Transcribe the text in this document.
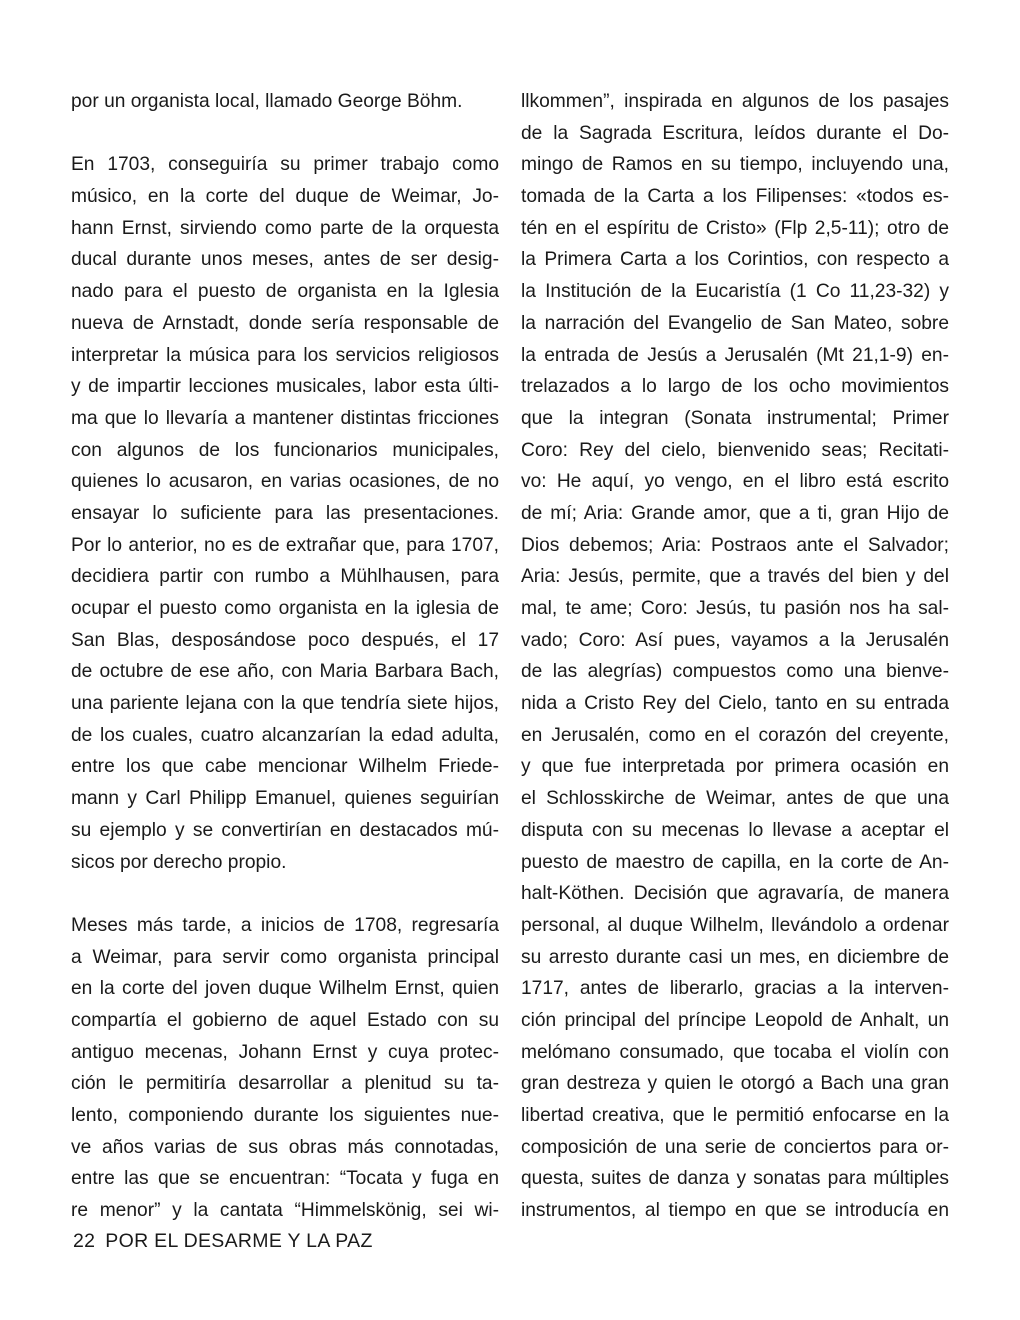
por un organista local, llamado George Böhm.
En 1703, conseguiría su primer trabajo como
músico, en la corte del duque de Weimar, Jo-
hann Ernst, sirviendo como parte de la orquesta
ducal durante unos meses, antes de ser desig-
nado para el puesto de organista en la Iglesia
nueva de Arnstadt, donde sería responsable de
interpretar la música para los servicios religiosos
y de impartir lecciones musicales, labor esta últi-
ma que lo llevaría a mantener distintas fricciones
con algunos de los funcionarios municipales,
quienes lo acusaron, en varias ocasiones, de no
ensayar lo suficiente para las presentaciones.
Por lo anterior, no es de extrañar que, para 1707,
decidiera partir con rumbo a Mühlhausen, para
ocupar el puesto como organista en la iglesia de
San Blas, desposándose poco después, el 17
de octubre de ese año, con Maria Barbara Bach,
una pariente lejana con la que tendría siete hijos,
de los cuales, cuatro alcanzarían la edad adulta,
entre los que cabe mencionar Wilhelm Friede-
mann y Carl Philipp Emanuel, quienes seguirían
su ejemplo y se convertirían en destacados mú-
sicos por derecho propio.
Meses más tarde, a inicios de 1708, regresaría
a Weimar, para servir como organista principal
en la corte del joven duque Wilhelm Ernst, quien
compartía el gobierno de aquel Estado con su
antiguo mecenas, Johann Ernst y cuya protec-
ción le permitiría desarrollar a plenitud su ta-
lento, componiendo durante los siguientes nue-
ve años varias de sus obras más connotadas,
entre las que se encuentran: “Tocata y fuga en
re menor” y la cantata “Himmelskönig, sei wi-
llkommen”, inspirada en algunos de los pasajes
de la Sagrada Escritura, leídos durante el Do-
mingo de Ramos en su tiempo, incluyendo una,
tomada de la Carta a los Filipenses: «todos es-
tén en el espíritu de Cristo» (Flp 2,5-11); otro de
la Primera Carta a los Corintios, con respecto a
la Institución de la Eucaristía (1 Co 11,23-32) y
la narración del Evangelio de San Mateo, sobre
la entrada de Jesús a Jerusalén (Mt 21,1-9) en-
trelazados a lo largo de los ocho movimientos
que la integran (Sonata instrumental; Primer
Coro: Rey del cielo, bienvenido seas; Recitati-
vo: He aquí, yo vengo, en el libro está escrito
de mí; Aria: Grande amor, que a ti, gran Hijo de
Dios debemos; Aria: Postraos ante el Salvador;
Aria: Jesús, permite, que a través del bien y del
mal, te ame; Coro: Jesús, tu pasión nos ha sal-
vado; Coro: Así pues, vayamos a la Jerusalén
de las alegrías) compuestos como una bienve-
nida a Cristo Rey del Cielo, tanto en su entrada
en Jerusalén, como en el corazón del creyente,
y que fue interpretada por primera ocasión en
el Schlosskirche de Weimar, antes de que una
disputa con su mecenas lo llevase a aceptar el
puesto de maestro de capilla, en la corte de An-
halt-Köthen. Decisión que agravaría, de manera
personal, al duque Wilhelm, llevándolo a ordenar
su arresto durante casi un mes, en diciembre de
1717, antes de liberarlo, gracias a la interven-
ción principal del príncipe Leopold de Anhalt, un
melómano consumado, que tocaba el violín con
gran destreza y quien le otorgó a Bach una gran
libertad creativa, que le permitió enfocarse en la
composición de una serie de conciertos para or-
questa, suites de danza y sonatas para múltiples
instrumentos, al tiempo en que se introducía en
22 POR EL DESARME Y LA PAZ
